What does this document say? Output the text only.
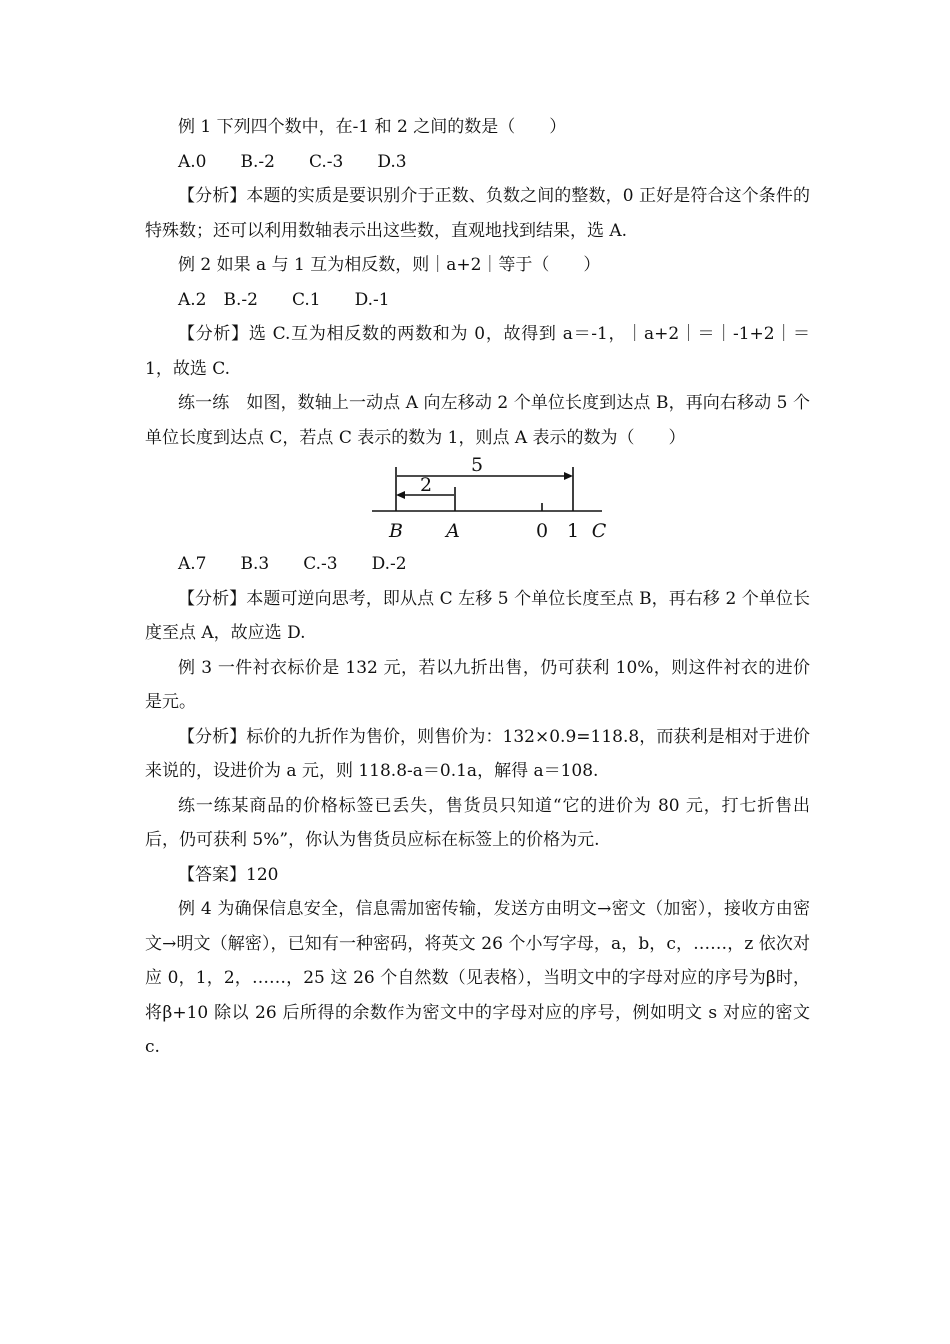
例 1 下列四个数中，在-1 和 2 之间的数是（　　）

A.0　　B.-2　　C.-3　　D.3

【分析】本题的实质是要识别介于正数、负数之间的整数，0 正好是符合这个条件的特殊数；还可以利用数轴表示出这些数，直观地找到结果，选 A.

例 2 如果 a 与 1 互为相反数，则｜a+2｜等于（　　）

A.2　B.-2　　C.1　　D.-1

【分析】选 C.互为相反数的两数和为 0，故得到 a＝-1，｜a+2｜＝｜-1+2｜＝1，故选 C.

练一练　如图，数轴上一动点 A 向左移动 2 个单位长度到达点 B，再向右移动 5 个单位长度到达点 C，若点 C 表示的数为 1，则点 A 表示的数为（　　）

5
2
B A	0 1 C

A.7　　B.3　　C.-3　　D.-2

【分析】本题可逆向思考，即从点 C 左移 5 个单位长度至点 B，再右移 2 个单位长度至点 A，故应选 D.

例 3 一件衬衣标价是 132 元，若以九折出售，仍可获利 10%，则这件衬衣的进价是元。

【分析】标价的九折作为售价，则售价为：132×0.9=118.8，而获利是相对于进价来说的，设进价为 a 元，则 118.8-a＝0.1a，解得 a＝108.

练一练某商品的价格标签已丢失，售货员只知道“它的进价为 80 元，打七折售出后，仍可获利 5%”，你认为售货员应标在标签上的价格为元.

【答案】120

例 4 为确保信息安全，信息需加密传输，发送方由明文→密文（加密），接收方由密文→明文（解密），已知有一种密码，将英文 26 个小写字母，a，b，c，……，z 依次对应 0，1，2，……，25 这 26 个自然数（见表格），当明文中的字母对应的序号为β时，将β+10 除以 26 后所得的余数作为密文中的字母对应的序号，例如明文 s 对应的密文 c.
